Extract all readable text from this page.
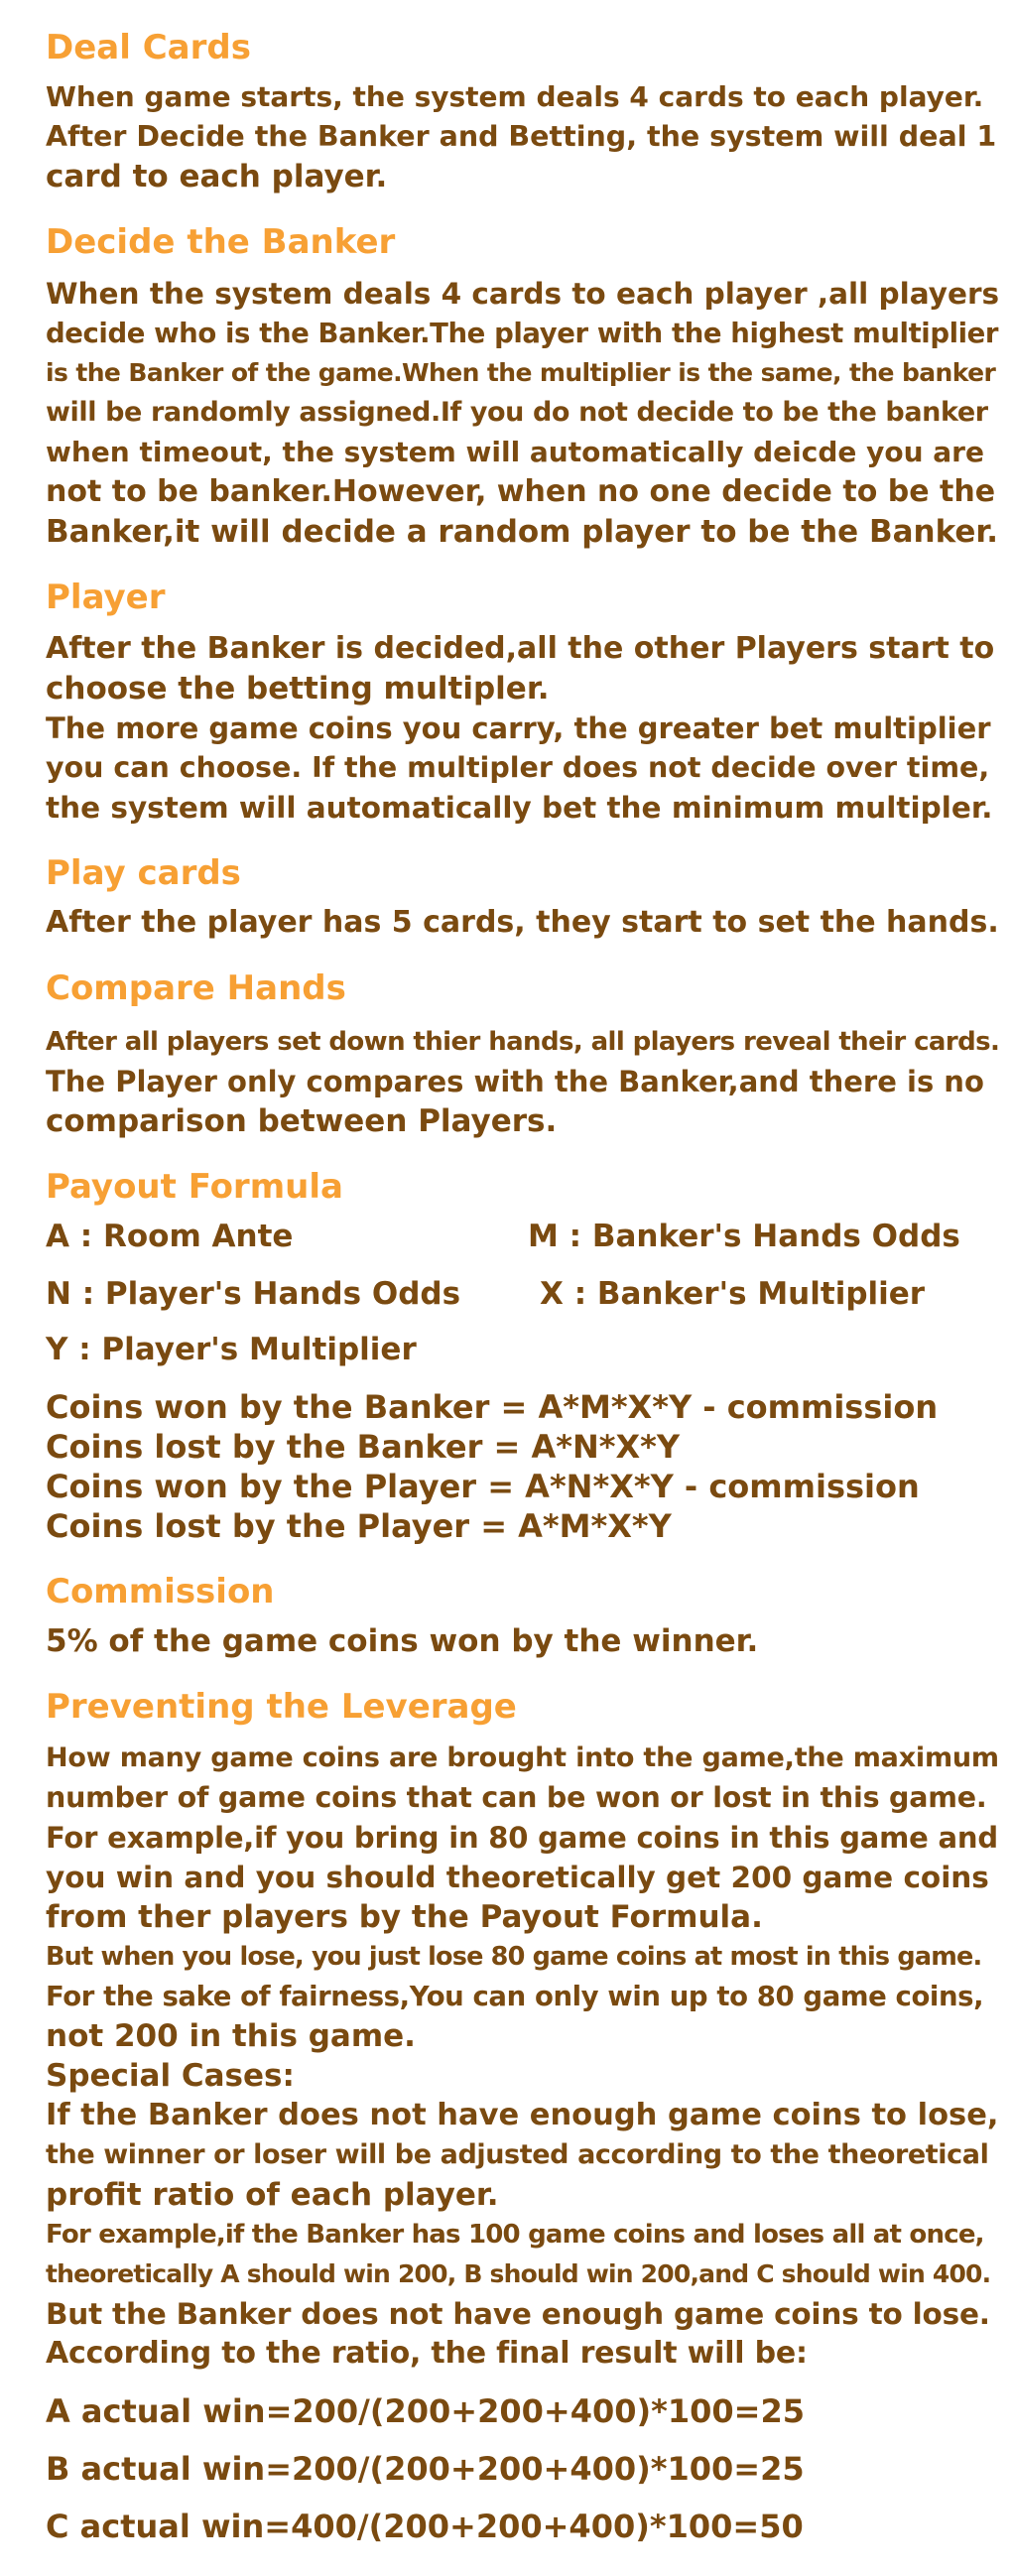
Deal Cards

When game starts, the system deals 4 cards to each player.

After Decide the Banker and Betting, the system will deal 1

card to each player.

Decide the Banker

When the system deals 4 cards to each player ,all players

decide who is the Banker.The player with the highest multiplier

is the Banker of the game.When the multiplier is the same, the banker

will be randomly assigned.If you do not decide to be the banker

when timeout, the system will automatically deicde you are

not to be banker.However, when no one decide to be the

Banker,it will decide a random player to be the Banker.

Player

After the Banker is decided,all the other Players start to

choose the betting multipler.

The more game coins you carry, the greater bet multiplier

you can choose. If the multipler does not decide over time,

the system will automatically bet the minimum multipler.

Play cards

After the player has 5 cards, they start to set the hands.

Compare Hands

After all players set down thier hands, all players reveal their cards.

The Player only compares with the Banker,and there is no

comparison between Players.

Payout Formula

A : Room Ante	M : Banker's Hands Odds

N : Player's Hands Odds	X : Banker's Multiplier

Y : Player's Multiplier

Coins won by the Banker = A*M*X*Y - commission

Coins lost by the Banker = A*N*X*Y

Coins won by the Player = A*N*X*Y - commission

Coins lost by the Player = A*M*X*Y

Commission

5% of the game coins won by the winner.

Preventing the Leverage

How many game coins are brought into the game,the maximum

number of game coins that can be won or lost in this game.

For example,if you bring in 80 game coins in this game and

you win and you should theoretically get 200 game coins

from ther players by the Payout Formula.

But when you lose, you just lose 80 game coins at most in this game.

For the sake of fairness,You can only win up to 80 game coins,

not 200 in this game.

Special Cases:

If the Banker does not have enough game coins to lose,

the winner or loser will be adjusted according to the theoretical

profit ratio of each player.

For example,if the Banker has 100 game coins and loses all at once,

theoretically A should win 200, B should win 200,and C should win 400.

But the Banker does not have enough game coins to lose.

According to the ratio, the final result will be:

A actual win=200/(200+200+400)*100=25

B actual win=200/(200+200+400)*100=25

C actual win=400/(200+200+400)*100=50
